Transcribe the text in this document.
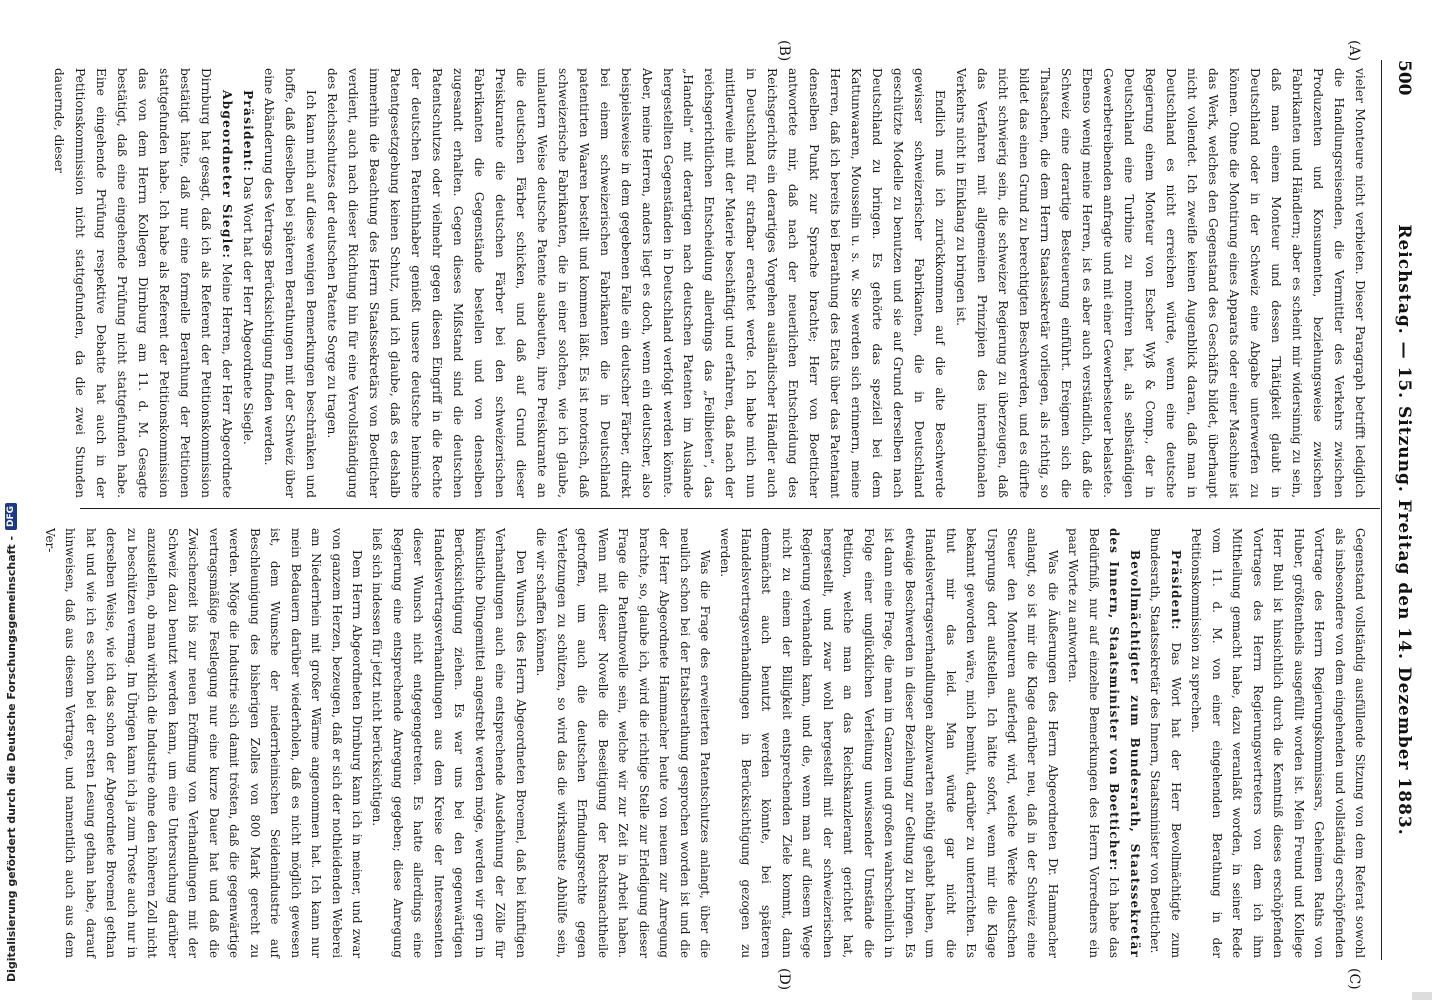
500
Reichstag. — 15. Sitzung. Freitag den 14. Dezember 1883.
(A)
(B)
(C)
(D)

vieler Monteure nicht verbieten. Dieser Paragraph betrifft lediglich die Handlungsreisenden, die Vermittler des Verkehrs zwischen Produzenten und Konsumenten, beziehungsweise zwischen Fabrikanten und Händlern; aber es scheint mir widersinnig zu sein, daß man einem Monteur und dessen Thätigkeit glaubt in Deutschland oder in der Schweiz eine Abgabe unterwerfen zu können. Ohne die Montirung eines Apparats oder einer Maschine ist das Werk, welches den Gegenstand des Geschäfts bildet, überhaupt nicht vollendet. Ich zweifle keinen Augenblick daran, daß man in Deutschland es nicht erreichen würde, wenn eine deutsche Regierung einem Monteur von Escher Wyß & Comp., der in Deutschland eine Turbine zu montiren hat, als selbständigen Gewerbetreibenden anfragte und mit einer Gewerbesteuer belastete. Ebenso wenig meine Herren, ist es aber auch verständlich, daß die Schweiz eine derartige Besteuerung einführt. Ereignen sich die Thatsachen, die dem Herrn Staatssekretär vorliegen, als richtig, so bildet das einen Grund zu berechtigten Beschwerden, und es dürfte nicht schwierig sein, die schweizer Regierung zu überzeugen, daß das Verfahren mit allgemeinen Prinzipien des internationalen Verkehrs nicht in Einklang zu bringen ist.

Endlich muß ich zurückkommen auf die alte Beschwerde gewisser schweizerischer Fabrikanten, die in Deutschland geschützte Modelle zu benutzen und sie auf Grund derselben nach Deutschland zu bringen. Es gehörte das speziell bei dem Kattunwaaren, Mousselin u. s. w. Sie werden sich erinnern, meine Herren, daß ich bereits bei Berathung des Etats über das Patentamt denselben Punkt zur Sprache brachte; Herr von Boetticher antwortete mir, daß nach der neuerlichen Entscheidung des Reichsgerichts ein derartiges Vorgehen ausländischer Händler auch in Deutschland für strafbar erachtet werde. Ich habe mich nun mittlerweile mit der Materie beschäftigt und erfahren, daß nach der reichsgerichtlichen Entscheidung allerdings das „Feilbieten“, das „Handeln“ mit derartigen nach deutschen Patenten im Auslande hergestellten Gegenständen in Deutschland verfolgt werden könnte. Aber, meine Herren, anders liegt es doch, wenn ein deutscher, also beispielsweise in dem gegebenen Falle ein deutscher Färber, direkt bei einem schweizerischen Fabrikanten die in Deutschland patentirten Waaren bestellt und kommen läßt. Es ist notorisch, daß schweizerische Fabrikanten, die in einer solchen, wie ich glaube, unlautern Weise deutsche Patente ausbeuten, ihre Preiskurante an die deutschen Färber schicken, und daß auf Grund dieser Preiskurante die deutschen Färber bei den schweizerischen Fabrikanten die Gegenstände bestellen und von denselben zugesandt erhalten. Gegen dieses Mißstand sind die deutschen Patentschutzes oder vielmehr gegen diesen Eingriff in die Rechte der deutschen Patentinhaber genießt unsere deutsche heimische Patentgesetzgebung keinen Schutz, und ich glaube, daß es deshalb immerhin die Beachtung des Herrn Staatssekretärs von Boetticher verdient, auch nach dieser Richtung hin für eine Vervollständigung des Reichsschutzes der deutschen Patente Sorge zu tragen.

Ich kann mich auf diese wenigen Bemerkungen beschränken und hoffe, daß dieselben bei späteren Berathungen mit der Schweiz über eine Abänderung des Vertrags Berücksichtigung finden werden.

Präsident: Das Wort hat der Herr Abgeordnete Siegle.

Abgeordneter Siegle: Meine Herren, der Herr Abgeordnete Dirnburg hat gesagt, daß ich als Referent der Petitionskommission bestätigt hätte, daß nur eine formelle Berathung der Petitionen stattgefunden habe. Ich habe als Referent der Petitionskommission das von dem Herrn Kollegen Dirnburg am 11. d. M. Gesagte bestätigt, daß eine eingehende Prüfung nicht stattgefunden habe. Eine eingehende Prüfung respektive Debatte hat auch in der Petitionskommission nicht stattgefunden, da die zwei Stunden dauernde, dieser

Gegenstand vollständig ausfüllende Sitzung von dem Referat sowohl als insbesondere von dem eingehenden und vollständig erschöpfenden Vortrage des Herrn Regierungskommissars, Geheimen Raths von Huber, größtentheils ausgefüllt worden ist. Mein Freund und Kollege Herr Buhl ist hinsichtlich durch die Kenntniß dieses erschöpfenden Vortrages des Herrn Regierungsvertreters von dem ich ihm Mittheilung gemacht habe, dazu veranlaßt worden, in seiner Rede vom 11. d. M. von einer eingehenden Berathung in der Petitionskommission zu sprechen.

Präsident: Das Wort hat der Herr Bevollmächtigte zum Bundesrath, Staatssekretär des Innern, Staatsminister von Boetticher.

Bevollmächtigter zum Bundesrath, Staatssekretär des Innern, Staatsminister von Boetticher: Ich habe das Bedürfniß, nur auf einzelne Bemerkungen des Herrn Vorredners ein paar Worte zu antworten.

Was die Äußerungen des Herrn Abgeordneten Dr. Hammacher anlangt, so ist mir die Klage darüber neu, daß in der Schweiz eine Steuer den Monteuren auferlegt wird, welche Werke deutschen Ursprungs dort aufstellen. Ich hätte sofort, wenn mir die Klage bekannt geworden wäre, mich bemüht, darüber zu unterrichten. Es thut mir das leid. Man würde gar nicht die Handelsvertragsverhandlungen abzuwarten nöthig gehabt haben, um etwaige Beschwerden in dieser Beziehung zur Geltung zu bringen. Es ist dann eine Frage, die man im Ganzen und großen wahrscheinlich in Folge einer unglücklichen Verleitung unwissender Umstände die Petition, welche man an das Reichskanzleramt gerichtet hat, hergestellt, und zwar wohl hergestellt mit der schweizerischen Regierung verhandeln kann, und die, wenn man auf diesem Wege nicht zu einem der Billigkeit entsprechenden Ziele kommt, dann demnächst auch benutzt werden könnte, bei späteren Handelsvertragsverhandlungen in Berücksichtigung gezogen zu werden.

Was die Frage des erweiterten Patentschutzes anlangt, über die neulich schon bei der Etatsberathung gesprochen worden ist und die der Herr Abgeordnete Hammacher heute von neuem zur Anregung brachte, so, glaube ich, wird die richtige Stelle zur Erledigung dieser Frage die Patentnovelle sein, welche wir zur Zeit in Arbeit haben. Wenn mit dieser Novelle die Beseitigung der Rechtsnachtheile getroffen, um auch die deutschen Erfindungsrechte gegen Verletzungen zu schützen, so wird das die wirksamste Abhülfe sein, die wir schaffen können.

Den Wunsch des Herrn Abgeordneten Broemel, daß bei künftigen Verhandlungen auch eine entsprechende Ausdehnung der Zölle für künstliche Düngemittel angestrebt werden möge, werden wir gern in Berücksichtigung ziehen. Es war uns bei den gegenwärtigen Handelsvertragsverhandlungen aus dem Kreise der Interessenten dieser Wunsch nicht entgegengetreten. Es hatte allerdings eine Regierung eine entsprechende Anregung gegeben; diese Anregung ließ sich indessen für jetzt nicht berücksichtigen.

Dem Herrn Abgeordneten Dirnburg kann ich in meiner, und zwar von ganzem Herzen, bezeugen, daß er sich der nothleidenden Weberei am Niederrhein mit großer Wärme angenommen hat. Ich kann nur mein Bedauern darüber wiederholen, daß es nicht möglich gewesen ist, dem Wunsche der niederrheinischen Seidenindustrie auf Beschleunigung des bisherigen Zolles von 800 Mark gerecht zu werden. Möge die Industrie sich damit trösten, daß die gegenwärtige vertragsmäßige Festlegung nur eine kurze Dauer hat und daß die Zwischenzeit bis zur neuen Eröffnung von Verhandlungen mit der Schweiz dazu benutzt werden kann, um eine Untersuchung darüber anzustellen, ob man wirklich die Industrie ohne den höheren Zoll nicht zu beschützen vermag. Im Übrigen kann ich ja zum Troste auch nur in derselben Weise, wie ich das schon der Abgeordnete Broemel gethan hat und wie ich es schon bei der ersten Lesung gethan habe, darauf hinweisen, daß aus diesem Vertrage, und namentlich auch aus dem Ver-

Digitalisierung gefördert durch die Deutsche Forschungsgemeinschaft -
DFG
